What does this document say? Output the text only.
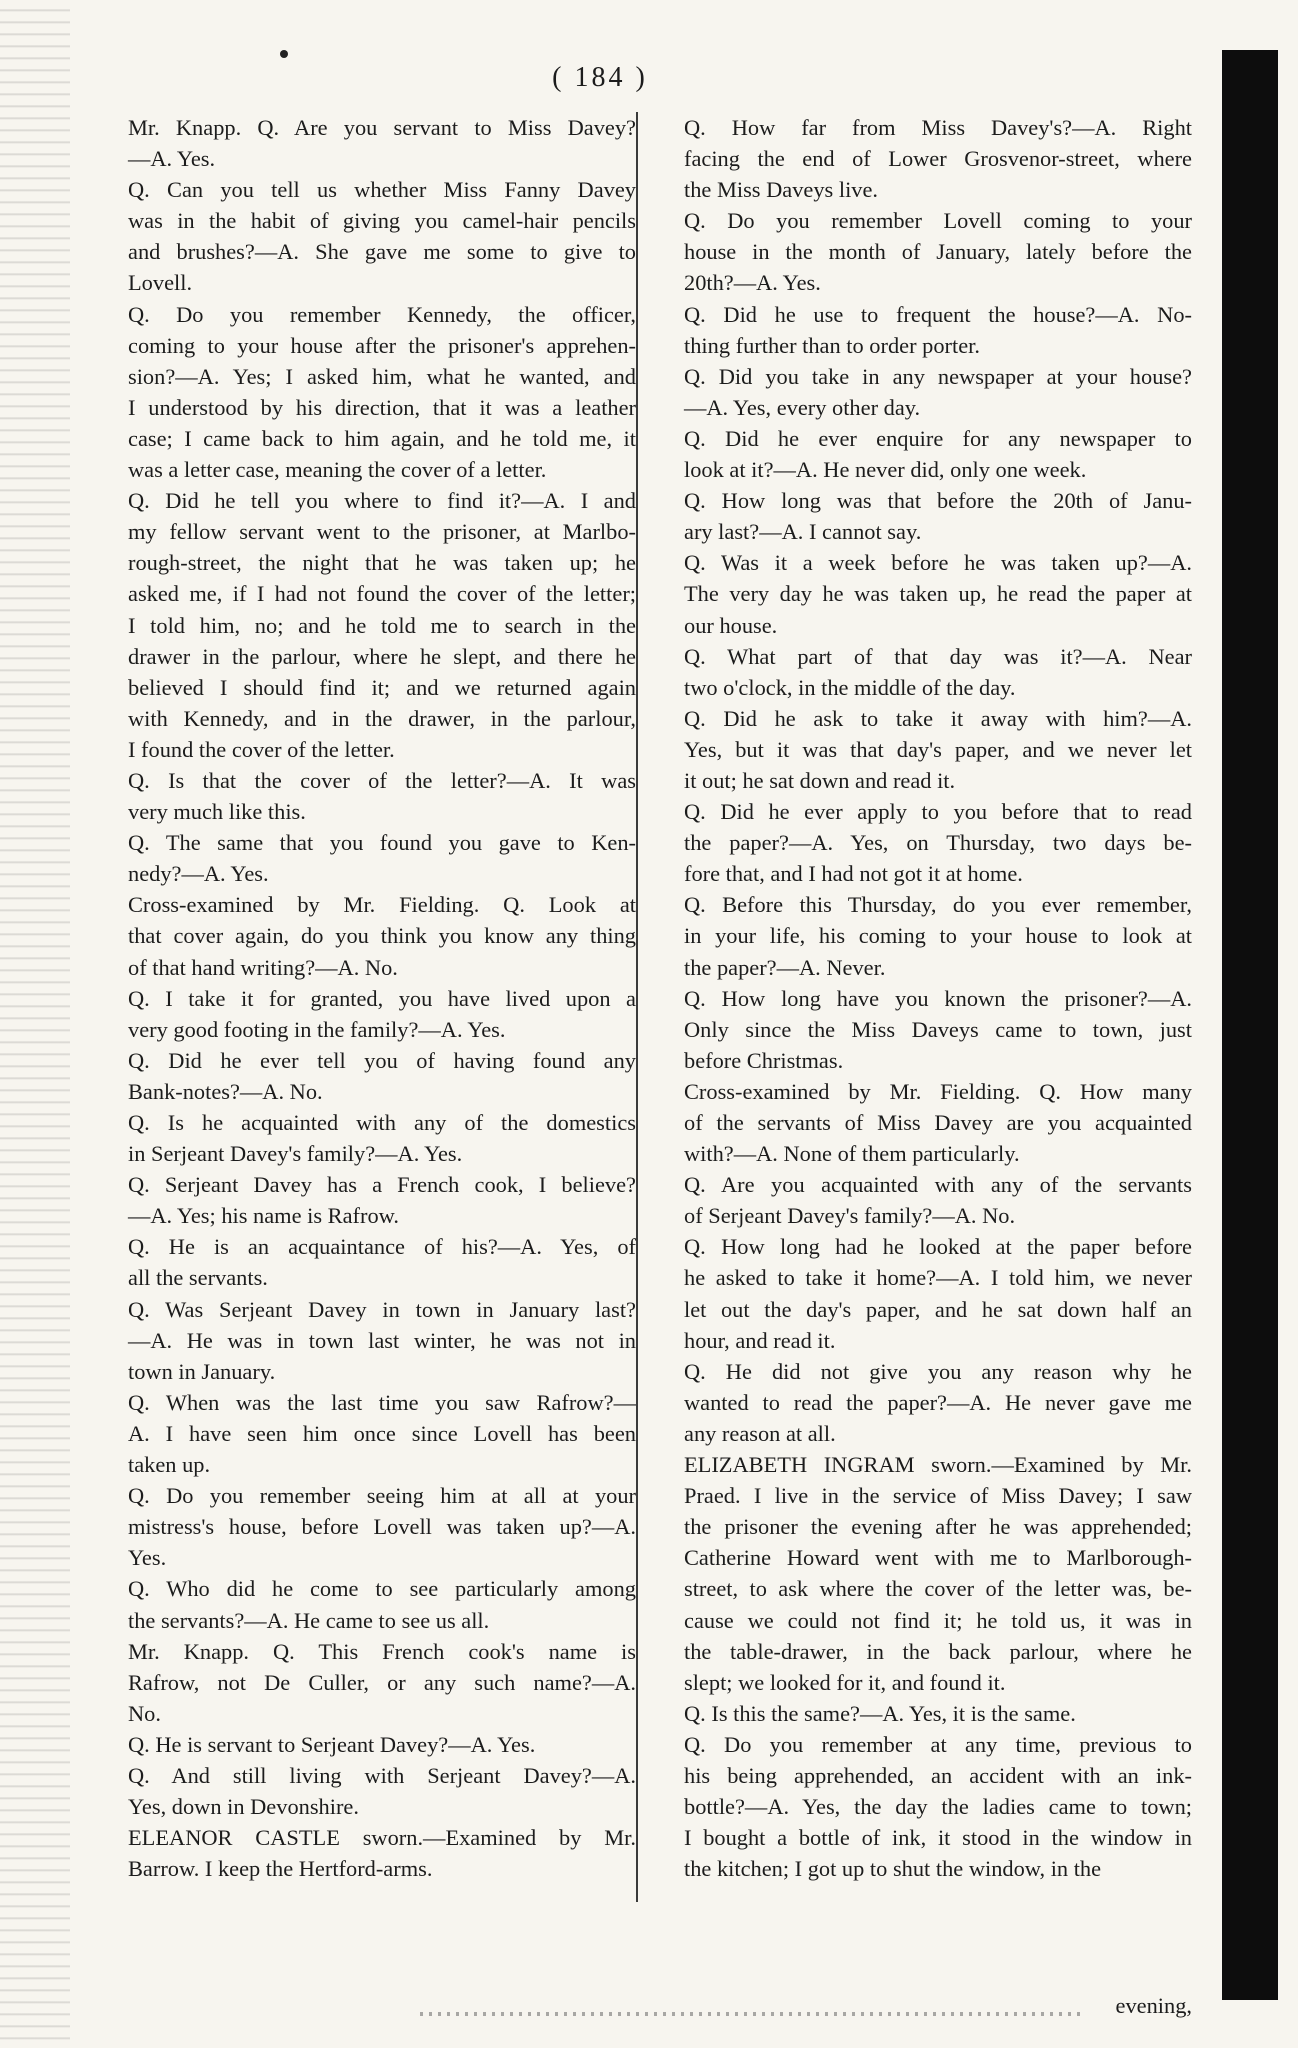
( 184 )
Mr. Knapp. Q. Are you servant to Miss Davey?
—A. Yes.
Q. Can you tell us whether Miss Fanny Davey
was in the habit of giving you camel-hair pencils
and brushes?—A. She gave me some to give to
Lovell.
Q. Do you remember Kennedy, the officer,
coming to your house after the prisoner's apprehen-
sion?—A. Yes; I asked him, what he wanted, and
I understood by his direction, that it was a leather
case; I came back to him again, and he told me, it
was a letter case, meaning the cover of a letter.
Q. Did he tell you where to find it?—A. I and
my fellow servant went to the prisoner, at Marlbo-
rough-street, the night that he was taken up; he
asked me, if I had not found the cover of the letter;
I told him, no; and he told me to search in the
drawer in the parlour, where he slept, and there he
believed I should find it; and we returned again
with Kennedy, and in the drawer, in the parlour,
I found the cover of the letter.
Q. Is that the cover of the letter?—A. It was
very much like this.
Q. The same that you found you gave to Ken-
nedy?—A. Yes.
Cross-examined by Mr. Fielding. Q. Look at
that cover again, do you think you know any thing
of that hand writing?—A. No.
Q. I take it for granted, you have lived upon a
very good footing in the family?—A. Yes.
Q. Did he ever tell you of having found any
Bank-notes?—A. No.
Q. Is he acquainted with any of the domestics
in Serjeant Davey's family?—A. Yes.
Q. Serjeant Davey has a French cook, I believe?
—A. Yes; his name is Rafrow.
Q. He is an acquaintance of his?—A. Yes, of
all the servants.
Q. Was Serjeant Davey in town in January last?
—A. He was in town last winter, he was not in
town in January.
Q. When was the last time you saw Rafrow?—
A. I have seen him once since Lovell has been
taken up.
Q. Do you remember seeing him at all at your
mistress's house, before Lovell was taken up?—A.
Yes.
Q. Who did he come to see particularly among
the servants?—A. He came to see us all.
Mr. Knapp. Q. This French cook's name is
Rafrow, not De Culler, or any such name?—A.
No.
Q. He is servant to Serjeant Davey?—A. Yes.
Q. And still living with Serjeant Davey?—A.
Yes, down in Devonshire.
ELEANOR CASTLE sworn.—Examined by Mr.
Barrow. I keep the Hertford-arms.
Q. How far from Miss Davey's?—A. Right
facing the end of Lower Grosvenor-street, where
the Miss Daveys live.
Q. Do you remember Lovell coming to your
house in the month of January, lately before the
20th?—A. Yes.
Q. Did he use to frequent the house?—A. No-
thing further than to order porter.
Q. Did you take in any newspaper at your house?
—A. Yes, every other day.
Q. Did he ever enquire for any newspaper to
look at it?—A. He never did, only one week.
Q. How long was that before the 20th of Janu-
ary last?—A. I cannot say.
Q. Was it a week before he was taken up?—A.
The very day he was taken up, he read the paper at
our house.
Q. What part of that day was it?—A. Near
two o'clock, in the middle of the day.
Q. Did he ask to take it away with him?—A.
Yes, but it was that day's paper, and we never let
it out; he sat down and read it.
Q. Did he ever apply to you before that to read
the paper?—A. Yes, on Thursday, two days be-
fore that, and I had not got it at home.
Q. Before this Thursday, do you ever remember,
in your life, his coming to your house to look at
the paper?—A. Never.
Q. How long have you known the prisoner?—A.
Only since the Miss Daveys came to town, just
before Christmas.
Cross-examined by Mr. Fielding. Q. How many
of the servants of Miss Davey are you acquainted
with?—A. None of them particularly.
Q. Are you acquainted with any of the servants
of Serjeant Davey's family?—A. No.
Q. How long had he looked at the paper before
he asked to take it home?—A. I told him, we never
let out the day's paper, and he sat down half an
hour, and read it.
Q. He did not give you any reason why he
wanted to read the paper?—A. He never gave me
any reason at all.
ELIZABETH INGRAM sworn.—Examined by Mr.
Praed. I live in the service of Miss Davey; I saw
the prisoner the evening after he was apprehended;
Catherine Howard went with me to Marlborough-
street, to ask where the cover of the letter was, be-
cause we could not find it; he told us, it was in
the table-drawer, in the back parlour, where he
slept; we looked for it, and found it.
Q. Is this the same?—A. Yes, it is the same.
Q. Do you remember at any time, previous to
his being apprehended, an accident with an ink-
bottle?—A. Yes, the day the ladies came to town;
I bought a bottle of ink, it stood in the window in
the kitchen; I got up to shut the window, in the
evening,
